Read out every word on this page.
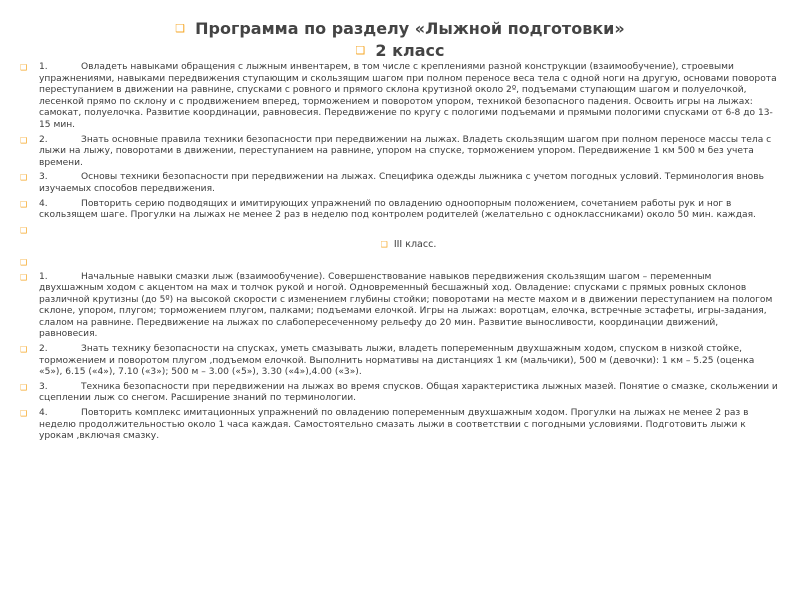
❑ Программа по разделу «Лыжной подготовки»
❑ 2 класс
❑ 1.	Овладеть навыками обращения с лыжным инвентарем, в том числе с креплениями разной конструкции (взаимообучение), строевыми упражнениями, навыками передвижения ступающим и скользящим шагом при полном переносе веса тела с одной ноги на другую, основами поворота переступанием в движении на равнине, спусками с ровного и прямого склона крутизной около 2º, подъемами ступающим шагом и полуелочкой, лесенкой прямо по склону и с продвижением вперед, торможением и поворотом упором, техникой безопасного падения. Освоить игры на лыжах: самокат, полуелочка. Развитие координации, равновесия. Передвижение по кругу с пологими подъемами и прямыми пологими спусками от 6-8 до 13-15 мин.
❑ 2.	Знать основные правила техники безопасности при передвижении на лыжах. Владеть скользящим шагом при полном переносе массы тела с лыжи на лыжу, поворотами в движении, переступанием на равнине, упором на спуске, торможением упором. Передвижение 1 км 500 м без учета времени.
❑ 3.	Основы техники безопасности при передвижении на лыжах. Специфика одежды лыжника с учетом погодных условий. Терминология вновь изучаемых способов передвижения.
❑ 4.	Повторить серию подводящих и имитирующих упражнений по овладению одноопорным положением, сочетанием работы рук и ног в скользящем шаге. Прогулки на лыжах не менее 2 раз в неделю под контролем родителей (желательно с одноклассниками) около 50 мин. каждая.
❑
❑ III класс.
❑
❑ 1.	Начальные навыки смазки лыж (взаимообучение). Совершенствование навыков передвижения скользящим шагом – переменным двухшажным ходом с акцентом на мах и толчок рукой и ногой. Одновременный бесшажный ход. Овладение: спусками с прямых ровных склонов различной крутизны (до 5º) на высокой скорости с изменением глубины стойки; поворотами на месте махом и в движении переступанием на пологом склоне, упором, плугом; торможением плугом, палками; подъемами елочкой. Игры на лыжах: воротцам, елочка, встречные эстафеты, игры-задания, слалом на равнине. Передвижение на лыжах по слабопересеченному рельефу до 20 мин. Развитие выносливости, координации движений, равновесия.
❑ 2.	Знать технику безопасности на спусках, уметь смазывать лыжи, владеть попеременным двухшажным ходом, спуском в низкой стойке, торможением и поворотом плугом ,подъемом елочкой. Выполнить нормативы на дистанциях 1 км (мальчики), 500 м (девочки): 1 км – 5.25 (оценка «5»), 6.15 («4»), 7.10 («3»); 500 м – 3.00 («5»), 3.30 («4»),4.00 («3»).
❑ 3.	Техника безопасности при передвижении на лыжах во время спусков. Общая характеристика лыжных мазей. Понятие о смазке, скольжении и сцеплении лыж со снегом. Расширение знаний по терминологии.
❑ 4.	Повторить комплекс имитационных упражнений по овладению попеременным двухшажным ходом. Прогулки на лыжах не менее 2 раз в неделю продолжительностью около 1 часа каждая. Самостоятельно смазать лыжи в соответствии с погодными условиями. Подготовить лыжи к урокам ,включая смазку.
